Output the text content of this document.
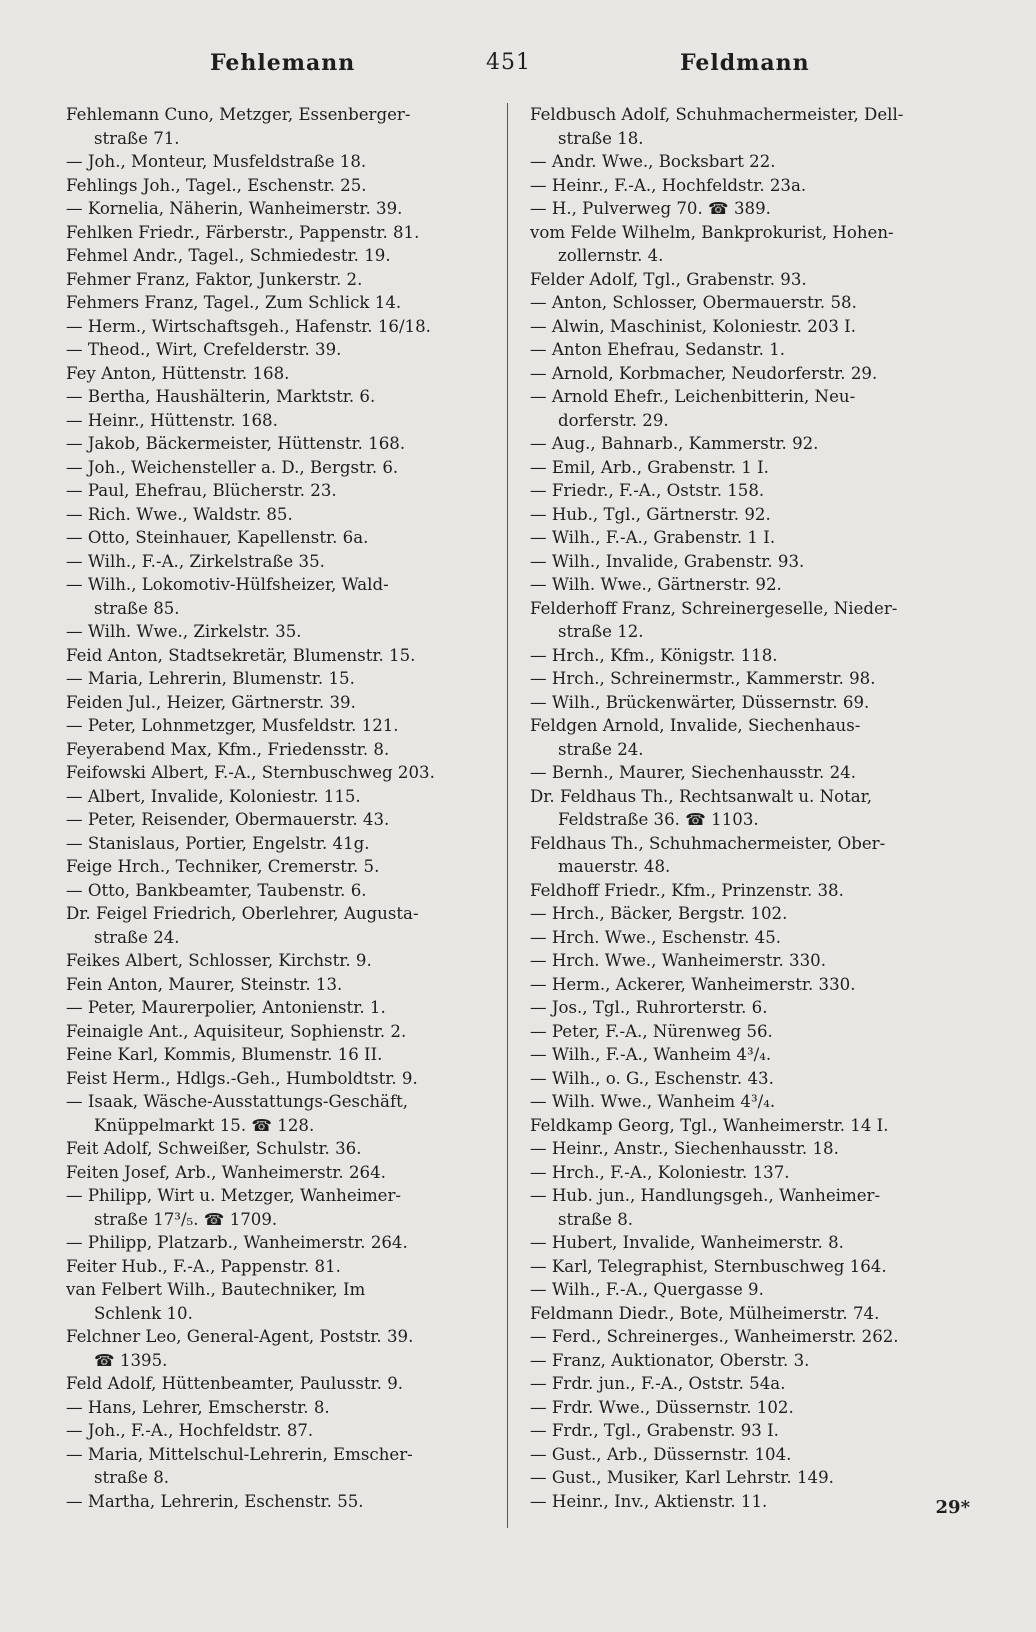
Fehlemann	451	Feldmann
Fehlemann Cuno, Metzger, Essenberger-
straße 71.
— Joh., Monteur, Musfeldstraße 18.
Fehlings Joh., Tagel., Eschenstr. 25.
— Kornelia, Näherin, Wanheimerstr. 39.
Fehlken Friedr., Färberstr., Pappenstr. 81.
Fehmel Andr., Tagel., Schmiedestr. 19.
Fehmer Franz, Faktor, Junkerstr. 2.
Fehmers Franz, Tagel., Zum Schlick 14.
— Herm., Wirtschaftsgeh., Hafenstr. 16/18.
— Theod., Wirt, Crefelderstr. 39.
Fey Anton, Hüttenstr. 168.
— Bertha, Haushälterin, Marktstr. 6.
— Heinr., Hüttenstr. 168.
— Jakob, Bäckermeister, Hüttenstr. 168.
— Joh., Weichensteller a. D., Bergstr. 6.
— Paul, Ehefrau, Blücherstr. 23.
— Rich. Wwe., Waldstr. 85.
— Otto, Steinhauer, Kapellenstr. 6a.
— Wilh., F.-A., Zirkelstraße 35.
— Wilh., Lokomotiv-Hülfsheizer, Wald-
straße 85.
— Wilh. Wwe., Zirkelstr. 35.
Feid Anton, Stadtsekretär, Blumenstr. 15.
— Maria, Lehrerin, Blumenstr. 15.
Feiden Jul., Heizer, Gärtnerstr. 39.
— Peter, Lohnmetzger, Musfeldstr. 121.
Feyerabend Max, Kfm., Friedensstr. 8.
Feifowski Albert, F.-A., Sternbuschweg 203.
— Albert, Invalide, Koloniestr. 115.
— Peter, Reisender, Obermauerstr. 43.
— Stanislaus, Portier, Engelstr. 41g.
Feige Hrch., Techniker, Cremerstr. 5.
— Otto, Bankbeamter, Taubenstr. 6.
Dr. Feigel Friedrich, Oberlehrer, Augusta-
straße 24.
Feikes Albert, Schlosser, Kirchstr. 9.
Fein Anton, Maurer, Steinstr. 13.
— Peter, Maurerpolier, Antonienstr. 1.
Feinaigle Ant., Aquisiteur, Sophienstr. 2.
Feine Karl, Kommis, Blumenstr. 16 II.
Feist Herm., Hdlgs.-Geh., Humboldtstr. 9.
— Isaak, Wäsche-Ausstattungs-Geschäft,
Knüppelmarkt 15. ☎ 128.
Feit Adolf, Schweißer, Schulstr. 36.
Feiten Josef, Arb., Wanheimerstr. 264.
— Philipp, Wirt u. Metzger, Wanheimer-
straße 17³/₅. ☎ 1709.
— Philipp, Platzarb., Wanheimerstr. 264.
Feiter Hub., F.-A., Pappenstr. 81.
van Felbert Wilh., Bautechniker, Im
Schlenk 10.
Felchner Leo, General-Agent, Poststr. 39.
☎ 1395.
Feld Adolf, Hüttenbeamter, Paulusstr. 9.
— Hans, Lehrer, Emscherstr. 8.
— Joh., F.-A., Hochfeldstr. 87.
— Maria, Mittelschul-Lehrerin, Emscher-
straße 8.
— Martha, Lehrerin, Eschenstr. 55.
Feldbusch Adolf, Schuhmachermeister, Dell-
straße 18.
— Andr. Wwe., Bocksbart 22.
— Heinr., F.-A., Hochfeldstr. 23a.
— H., Pulverweg 70. ☎ 389.
vom Felde Wilhelm, Bankprokurist, Hohen-
zollernstr. 4.
Felder Adolf, Tgl., Grabenstr. 93.
— Anton, Schlosser, Obermauerstr. 58.
— Alwin, Maschinist, Koloniestr. 203 I.
— Anton Ehefrau, Sedanstr. 1.
— Arnold, Korbmacher, Neudorferstr. 29.
— Arnold Ehefr., Leichenbitterin, Neu-
dorferstr. 29.
— Aug., Bahnarb., Kammerstr. 92.
— Emil, Arb., Grabenstr. 1 I.
— Friedr., F.-A., Oststr. 158.
— Hub., Tgl., Gärtnerstr. 92.
— Wilh., F.-A., Grabenstr. 1 I.
— Wilh., Invalide, Grabenstr. 93.
— Wilh. Wwe., Gärtnerstr. 92.
Felderhoff Franz, Schreinergeselle, Nieder-
straße 12.
— Hrch., Kfm., Königstr. 118.
— Hrch., Schreinermstr., Kammerstr. 98.
— Wilh., Brückenwärter, Düssernstr. 69.
Feldgen Arnold, Invalide, Siechenhaus-
straße 24.
— Bernh., Maurer, Siechenhausstr. 24.
Dr. Feldhaus Th., Rechtsanwalt u. Notar,
Feldstraße 36. ☎ 1103.
Feldhaus Th., Schuhmachermeister, Ober-
mauerstr. 48.
Feldhoff Friedr., Kfm., Prinzenstr. 38.
— Hrch., Bäcker, Bergstr. 102.
— Hrch. Wwe., Eschenstr. 45.
— Hrch. Wwe., Wanheimerstr. 330.
— Herm., Ackerer, Wanheimerstr. 330.
— Jos., Tgl., Ruhrorterstr. 6.
— Peter, F.-A., Nürenweg 56.
— Wilh., F.-A., Wanheim 4³/₄.
— Wilh., o. G., Eschenstr. 43.
— Wilh. Wwe., Wanheim 4³/₄.
Feldkamp Georg, Tgl., Wanheimerstr. 14 I.
— Heinr., Anstr., Siechenhausstr. 18.
— Hrch., F.-A., Koloniestr. 137.
— Hub. jun., Handlungsgeh., Wanheimer-
straße 8.
— Hubert, Invalide, Wanheimerstr. 8.
— Karl, Telegraphist, Sternbuschweg 164.
— Wilh., F.-A., Quergasse 9.
Feldmann Diedr., Bote, Mülheimerstr. 74.
— Ferd., Schreinerges., Wanheimerstr. 262.
— Franz, Auktionator, Oberstr. 3.
— Frdr. jun., F.-A., Oststr. 54a.
— Frdr. Wwe., Düssernstr. 102.
— Frdr., Tgl., Grabenstr. 93 I.
— Gust., Arb., Düssernstr. 104.
— Gust., Musiker, Karl Lehrstr. 149.
— Heinr., Inv., Aktienstr. 11.	29*
